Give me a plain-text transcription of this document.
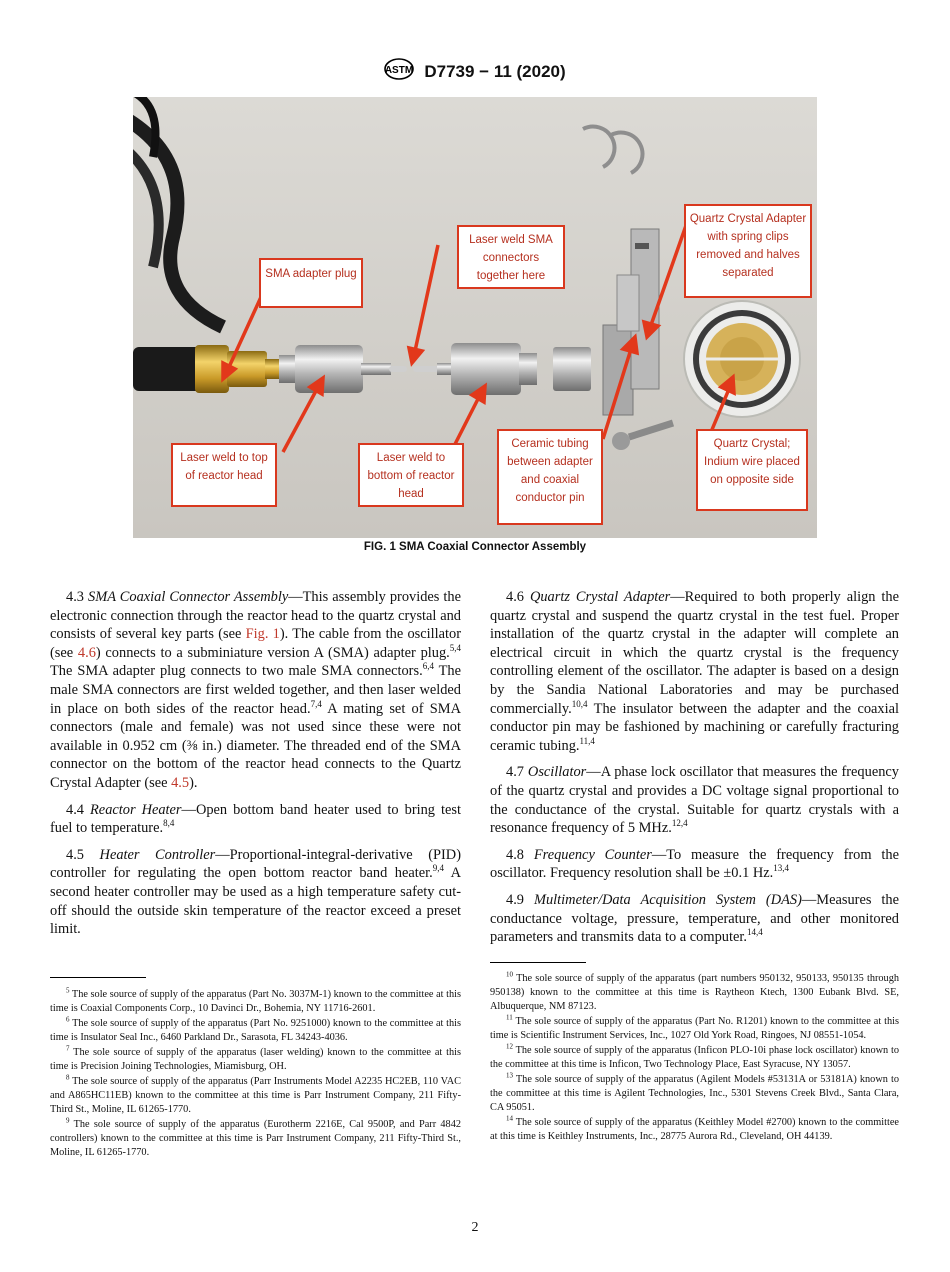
ASTM D7739 − 11 (2020)
SMA adapter plug
Laser weld SMA connectors together here
Quartz Crystal Adapter with spring clips removed and halves separated
Laser weld to top of reactor head
Laser weld to bottom of reactor head
Ceramic tubing between adapter and coaxial conductor pin
Quartz Crystal; Indium wire placed on opposite side
FIG. 1 SMA Coaxial Connector Assembly

4.3 SMA Coaxial Connector Assembly—This assembly provides the electronic connection through the reactor head to the quartz crystal and consists of several key parts (see Fig. 1). The cable from the oscillator (see 4.6) connects to a subminiature version A (SMA) adapter plug.$^{5,4}$ The SMA adapter plug connects to two male SMA connectors.$^{6,4}$ The male SMA connectors are first welded together, and then laser welded in place on both sides of the reactor head.$^{7,4}$ A mating set of SMA connectors (male and female) was not used since these were not available in 0.952 cm (⅜ in.) diameter. The threaded end of the SMA connector on the bottom of the reactor head connects to the Quartz Crystal Adapter (see 4.5).

4.4 Reactor Heater—Open bottom band heater used to bring test fuel to temperature.$^{8,4}$

4.5 Heater Controller—Proportional-integral-derivative (PID) controller for regulating the open bottom reactor band heater.$^{9,4}$ A second heater controller may be used as a high temperature safety cut-off should the outside skin temperature of the reactor exceed a preset limit.

4.6 Quartz Crystal Adapter—Required to both properly align the quartz crystal and suspend the quartz crystal in the test fuel. Proper installation of the quartz crystal in the adapter will complete an electrical circuit in which the quartz crystal is the frequency controlling element of the oscillator. The adapter is based on a design by the Sandia National Laboratories and may be purchased commercially.$^{10,4}$ The insulator between the adapter and the coaxial conductor pin may be fashioned by machining or carefully fracturing ceramic tubing.$^{11,4}$

4.7 Oscillator—A phase lock oscillator that measures the frequency of the quartz crystal and provides a DC voltage signal proportional to the conductance of the crystal. Suitable for quartz crystals with a resonance frequency of 5 MHz.$^{12,4}$

4.8 Frequency Counter—To measure the frequency from the oscillator. Frequency resolution shall be ±0.1 Hz.$^{13,4}$

4.9 Multimeter/Data Acquisition System (DAS)—Measures the conductance voltage, pressure, temperature, and other monitored parameters and transmits data to a computer.$^{14,4}$

$^5$ The sole source of supply of the apparatus (Part No. 3037M-1) known to the committee at this time is Coaxial Components Corp., 10 Davinci Dr., Bohemia, NY 11716-2601.

$^6$ The sole source of supply of the apparatus (Part No. 9251000) known to the committee at this time is Insulator Seal Inc., 6460 Parkland Dr., Sarasota, FL 34243-4036.

$^7$ The sole source of supply of the apparatus (laser welding) known to the committee at this time is Precision Joining Technologies, Miamisburg, OH.

$^8$ The sole source of supply of the apparatus (Parr Instruments Model A2235 HC2EB, 110 VAC and A865HC11EB) known to the committee at this time is Parr Instrument Company, 211 Fifty-Third St., Moline, IL 61265-1770.

$^9$ The sole source of supply of the apparatus (Eurotherm 2216E, Cal 9500P, and Parr 4842 controllers) known to the committee at this time is Parr Instrument Company, 211 Fifty-Third St., Moline, IL 61265-1770.

$^{10}$ The sole source of supply of the apparatus (part numbers 950132, 950133, 950135 through 950138) known to the committee at this time is Raytheon Ktech, 1300 Eubank Blvd. SE, Albuquerque, NM 87123.

$^{11}$ The sole source of supply of the apparatus (Part No. R1201) known to the committee at this time is Scientific Instrument Services, Inc., 1027 Old York Road, Ringoes, NJ 08551-1054.

$^{12}$ The sole source of supply of the apparatus (Inficon PLO-10i phase lock oscillator) known to the committee at this time is Inficon, Two Technology Place, East Syracuse, NY 13057.

$^{13}$ The sole source of supply of the apparatus (Agilent Models #53131A or 53181A) known to the committee at this time is Agilent Technologies, Inc., 5301 Stevens Creek Blvd., Santa Clara, CA 95051.

$^{14}$ The sole source of supply of the apparatus (Keithley Model #2700) known to the committee at this time is Keithley Instruments, Inc., 28775 Aurora Rd., Cleveland, OH 44139.

2
